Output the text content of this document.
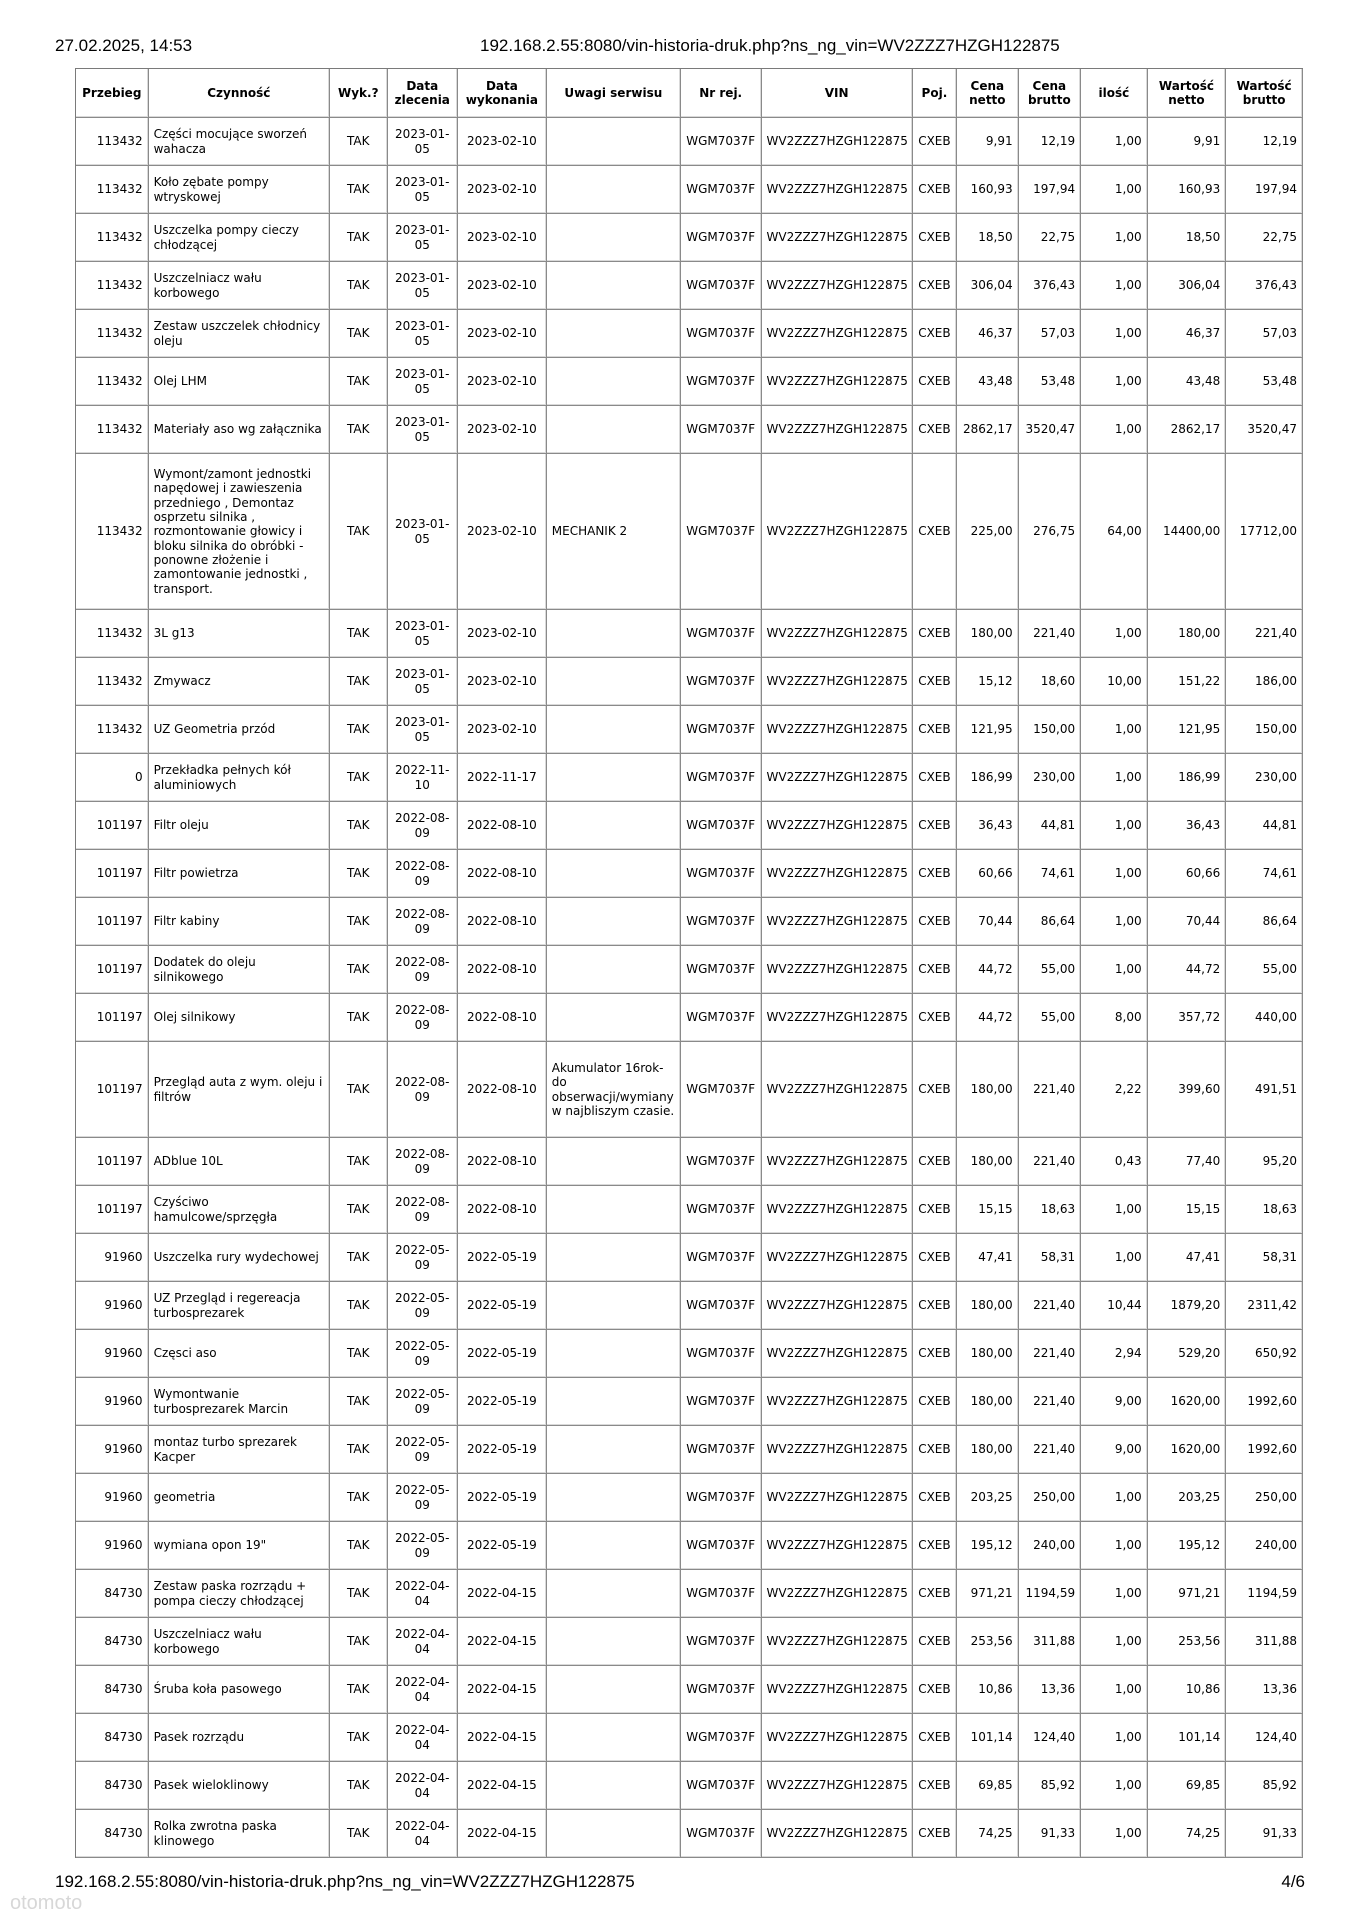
27.02.2025, 14:53	192.168.2.55:8080/vin-historia-druk.php?ns_ng_vin=WV2ZZZ7HZGH122875
Przebieg	Czynność	Wyk.?	Data zlecenia	Data wykonania	Uwagi serwisu	Nr rej.	VIN	Poj.	Cena netto	Cena brutto	ilość	Wartość netto	Wartość brutto
113432	Części mocujące sworzeń wahacza	TAK	2023-01-05	2023-02-10		WGM7037F	WV2ZZZ7HZGH122875	CXEB	9,91	12,19	1,00	9,91	12,19
113432	Koło zębate pompy wtryskowej	TAK	2023-01-05	2023-02-10		WGM7037F	WV2ZZZ7HZGH122875	CXEB	160,93	197,94	1,00	160,93	197,94
113432	Uszczelka pompy cieczy chłodzącej	TAK	2023-01-05	2023-02-10		WGM7037F	WV2ZZZ7HZGH122875	CXEB	18,50	22,75	1,00	18,50	22,75
113432	Uszczelniacz wału korbowego	TAK	2023-01-05	2023-02-10		WGM7037F	WV2ZZZ7HZGH122875	CXEB	306,04	376,43	1,00	306,04	376,43
113432	Zestaw uszczelek chłodnicy oleju	TAK	2023-01-05	2023-02-10		WGM7037F	WV2ZZZ7HZGH122875	CXEB	46,37	57,03	1,00	46,37	57,03
113432	Olej LHM	TAK	2023-01-05	2023-02-10		WGM7037F	WV2ZZZ7HZGH122875	CXEB	43,48	53,48	1,00	43,48	53,48
113432	Materiały aso wg załącznika	TAK	2023-01-05	2023-02-10		WGM7037F	WV2ZZZ7HZGH122875	CXEB	2862,17	3520,47	1,00	2862,17	3520,47
113432	Wymont/zamont jednostki napędowej i zawieszenia przedniego , Demontaz osprzetu silnika , rozmontowanie głowicy i bloku silnika do obróbki - ponowne złożenie i zamontowanie jednostki , transport.	TAK	2023-01-05	2023-02-10	MECHANIK 2	WGM7037F	WV2ZZZ7HZGH122875	CXEB	225,00	276,75	64,00	14400,00	17712,00
113432	3L g13	TAK	2023-01-05	2023-02-10		WGM7037F	WV2ZZZ7HZGH122875	CXEB	180,00	221,40	1,00	180,00	221,40
113432	Zmywacz	TAK	2023-01-05	2023-02-10		WGM7037F	WV2ZZZ7HZGH122875	CXEB	15,12	18,60	10,00	151,22	186,00
113432	UZ Geometria przód	TAK	2023-01-05	2023-02-10		WGM7037F	WV2ZZZ7HZGH122875	CXEB	121,95	150,00	1,00	121,95	150,00
0	Przekładka pełnych kół aluminiowych	TAK	2022-11-10	2022-11-17		WGM7037F	WV2ZZZ7HZGH122875	CXEB	186,99	230,00	1,00	186,99	230,00
101197	Filtr oleju	TAK	2022-08-09	2022-08-10		WGM7037F	WV2ZZZ7HZGH122875	CXEB	36,43	44,81	1,00	36,43	44,81
101197	Filtr powietrza	TAK	2022-08-09	2022-08-10		WGM7037F	WV2ZZZ7HZGH122875	CXEB	60,66	74,61	1,00	60,66	74,61
101197	Filtr kabiny	TAK	2022-08-09	2022-08-10		WGM7037F	WV2ZZZ7HZGH122875	CXEB	70,44	86,64	1,00	70,44	86,64
101197	Dodatek do oleju silnikowego	TAK	2022-08-09	2022-08-10		WGM7037F	WV2ZZZ7HZGH122875	CXEB	44,72	55,00	1,00	44,72	55,00
101197	Olej silnikowy	TAK	2022-08-09	2022-08-10		WGM7037F	WV2ZZZ7HZGH122875	CXEB	44,72	55,00	8,00	357,72	440,00
101197	Przegląd auta z wym. oleju i filtrów	TAK	2022-08-09	2022-08-10	Akumulator 16rok- do obserwacji/wymiany w najbliszym czasie.	WGM7037F	WV2ZZZ7HZGH122875	CXEB	180,00	221,40	2,22	399,60	491,51
101197	ADblue 10L	TAK	2022-08-09	2022-08-10		WGM7037F	WV2ZZZ7HZGH122875	CXEB	180,00	221,40	0,43	77,40	95,20
101197	Czyściwo hamulcowe/sprzęgła	TAK	2022-08-09	2022-08-10		WGM7037F	WV2ZZZ7HZGH122875	CXEB	15,15	18,63	1,00	15,15	18,63
91960	Uszczelka rury wydechowej	TAK	2022-05-09	2022-05-19		WGM7037F	WV2ZZZ7HZGH122875	CXEB	47,41	58,31	1,00	47,41	58,31
91960	UZ Przegląd i regereacja turbosprezarek	TAK	2022-05-09	2022-05-19		WGM7037F	WV2ZZZ7HZGH122875	CXEB	180,00	221,40	10,44	1879,20	2311,42
91960	Częsci aso	TAK	2022-05-09	2022-05-19		WGM7037F	WV2ZZZ7HZGH122875	CXEB	180,00	221,40	2,94	529,20	650,92
91960	Wymontwanie turbosprezarek Marcin	TAK	2022-05-09	2022-05-19		WGM7037F	WV2ZZZ7HZGH122875	CXEB	180,00	221,40	9,00	1620,00	1992,60
91960	montaz turbo sprezarek Kacper	TAK	2022-05-09	2022-05-19		WGM7037F	WV2ZZZ7HZGH122875	CXEB	180,00	221,40	9,00	1620,00	1992,60
91960	geometria	TAK	2022-05-09	2022-05-19		WGM7037F	WV2ZZZ7HZGH122875	CXEB	203,25	250,00	1,00	203,25	250,00
91960	wymiana opon 19"	TAK	2022-05-09	2022-05-19		WGM7037F	WV2ZZZ7HZGH122875	CXEB	195,12	240,00	1,00	195,12	240,00
84730	Zestaw paska rozrządu + pompa cieczy chłodzącej	TAK	2022-04-04	2022-04-15		WGM7037F	WV2ZZZ7HZGH122875	CXEB	971,21	1194,59	1,00	971,21	1194,59
84730	Uszczelniacz wału korbowego	TAK	2022-04-04	2022-04-15		WGM7037F	WV2ZZZ7HZGH122875	CXEB	253,56	311,88	1,00	253,56	311,88
84730	Śruba koła pasowego	TAK	2022-04-04	2022-04-15		WGM7037F	WV2ZZZ7HZGH122875	CXEB	10,86	13,36	1,00	10,86	13,36
84730	Pasek rozrządu	TAK	2022-04-04	2022-04-15		WGM7037F	WV2ZZZ7HZGH122875	CXEB	101,14	124,40	1,00	101,14	124,40
84730	Pasek wieloklinowy	TAK	2022-04-04	2022-04-15		WGM7037F	WV2ZZZ7HZGH122875	CXEB	69,85	85,92	1,00	69,85	85,92
84730	Rolka zwrotna paska klinowego	TAK	2022-04-04	2022-04-15		WGM7037F	WV2ZZZ7HZGH122875	CXEB	74,25	91,33	1,00	74,25	91,33
192.168.2.55:8080/vin-historia-druk.php?ns_ng_vin=WV2ZZZ7HZGH122875	4/6
otomoto
